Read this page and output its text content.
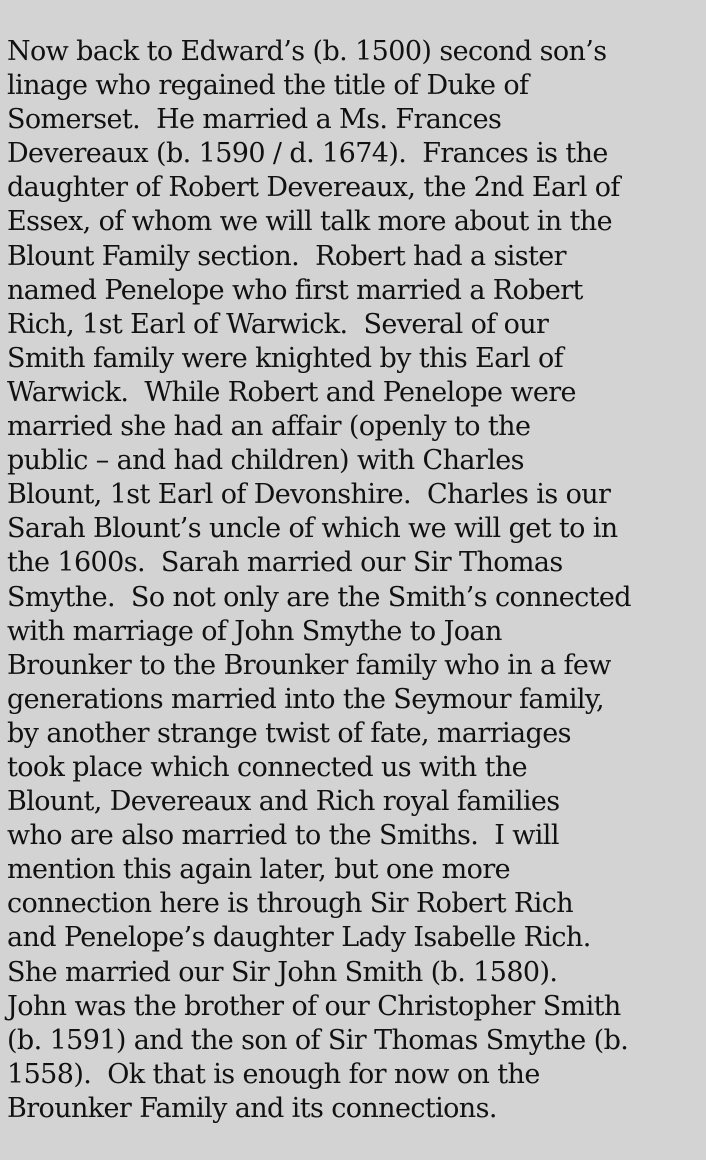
Now back to Edward’s (b. 1500) second son’s
linage who regained the title of Duke of
Somerset.  He married a Ms. Frances
Devereaux (b. 1590 / d. 1674).  Frances is the
daughter of Robert Devereaux, the 2nd Earl of
Essex, of whom we will talk more about in the
Blount Family section.  Robert had a sister
named Penelope who first married a Robert
Rich, 1st Earl of Warwick.  Several of our
Smith family were knighted by this Earl of
Warwick.  While Robert and Penelope were
married she had an affair (openly to the
public – and had children) with Charles
Blount, 1st Earl of Devonshire.  Charles is our
Sarah Blount’s uncle of which we will get to in
the 1600s.  Sarah married our Sir Thomas
Smythe.  So not only are the Smith’s connected
with marriage of John Smythe to Joan
Brounker to the Brounker family who in a few
generations married into the Seymour family,
by another strange twist of fate, marriages
took place which connected us with the
Blount, Devereaux and Rich royal families
who are also married to the Smiths.  I will
mention this again later, but one more
connection here is through Sir Robert Rich
and Penelope’s daughter Lady Isabelle Rich.
She married our Sir John Smith (b. 1580).
John was the brother of our Christopher Smith
(b. 1591) and the son of Sir Thomas Smythe (b.
1558).  Ok that is enough for now on the
Brounker Family and its connections.
